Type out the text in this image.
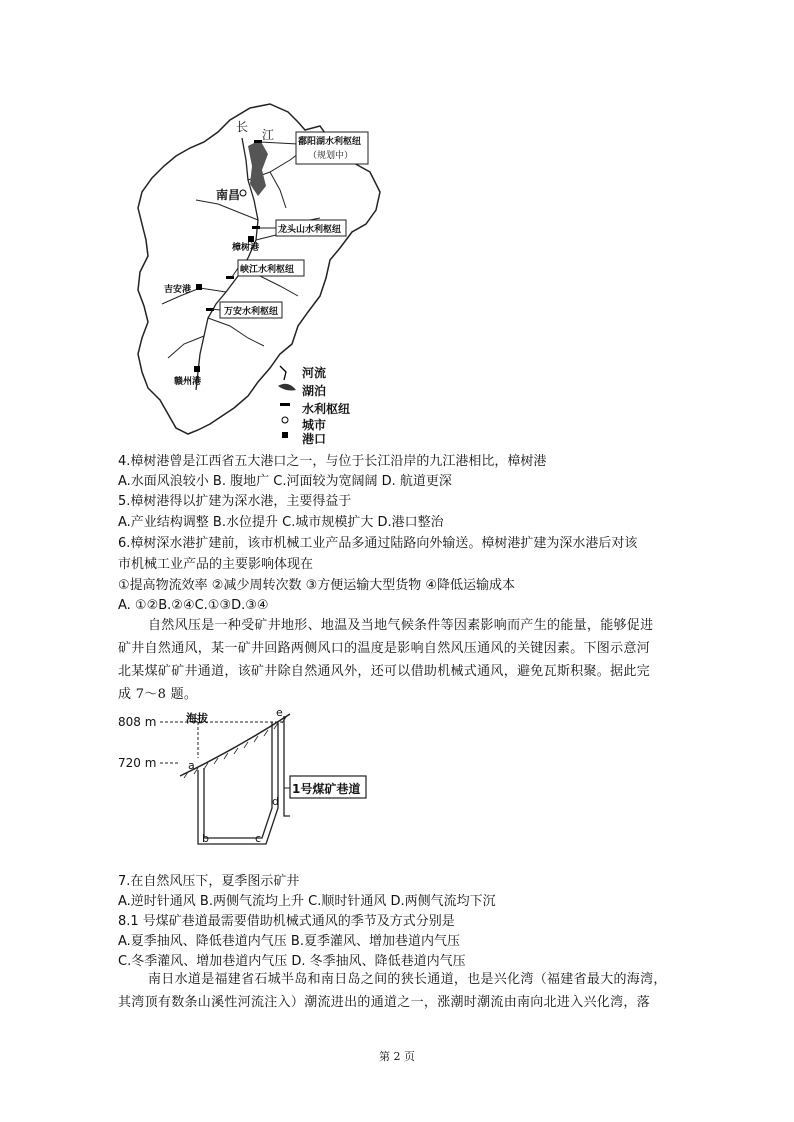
长
江	鄱阳湖水利枢纽
（规划中）
南昌
龙头山水利枢纽
樟树港
峡江水利枢纽
吉安港
万安水利枢纽
赣州港
河流
湖泊
水利枢纽
城市
港口
4.樟树港曾是江西省五大港口之一，与位于长江沿岸的九江港相比，樟树港
A.水面风浪较小 B. 腹地广 C.河面较为宽阔阔 D. 航道更深
5.樟树港得以扩建为深水港，主要得益于
A.产业结构调整 B.水位提升 C.城市规模扩大 D.港口整治
6.樟树深水港扩建前，该市机械工业产品多通过陆路向外输送。樟树港扩建为深水港后对该
市机械工业产品的主要影响体现在
①提高物流效率 ②减少周转次数 ③方便运输大型货物 ④降低运输成本
A. ①②B.②④C.①③D.③④
自然风压是一种受矿井地形、地温及当地气候条件等因素影响而产生的能量，能够促进
矿井自然通风，某一矿井回路两侧风口的温度是影响自然风压通风的关键因素。下图示意河
北某煤矿矿井通道，该矿井除自然通风外，还可以借助机械式通风，避免瓦斯积聚。据此完
成 7～8 题。
808 m
720 m
海拔
a
b	c
d
e
1号煤矿巷道
7.在自然风压下，夏季图示矿井
A.逆时针通风 B.两侧气流均上升 C.顺时针通风 D.两侧气流均下沉
8.1 号煤矿巷道最需要借助机械式通风的季节及方式分别是
A.夏季抽风、降低巷道内气压 B.夏季灌风、增加巷道内气压
C.冬季灌风、增加巷道内气压 D. 冬季抽风、降低巷道内气压
南日水道是福建省石城半岛和南日岛之间的狭长通道，也是兴化湾（福建省最大的海湾，
其湾顶有数条山溪性河流注入）潮流进出的通道之一，涨潮时潮流由南向北进入兴化湾，落
第 2 页
